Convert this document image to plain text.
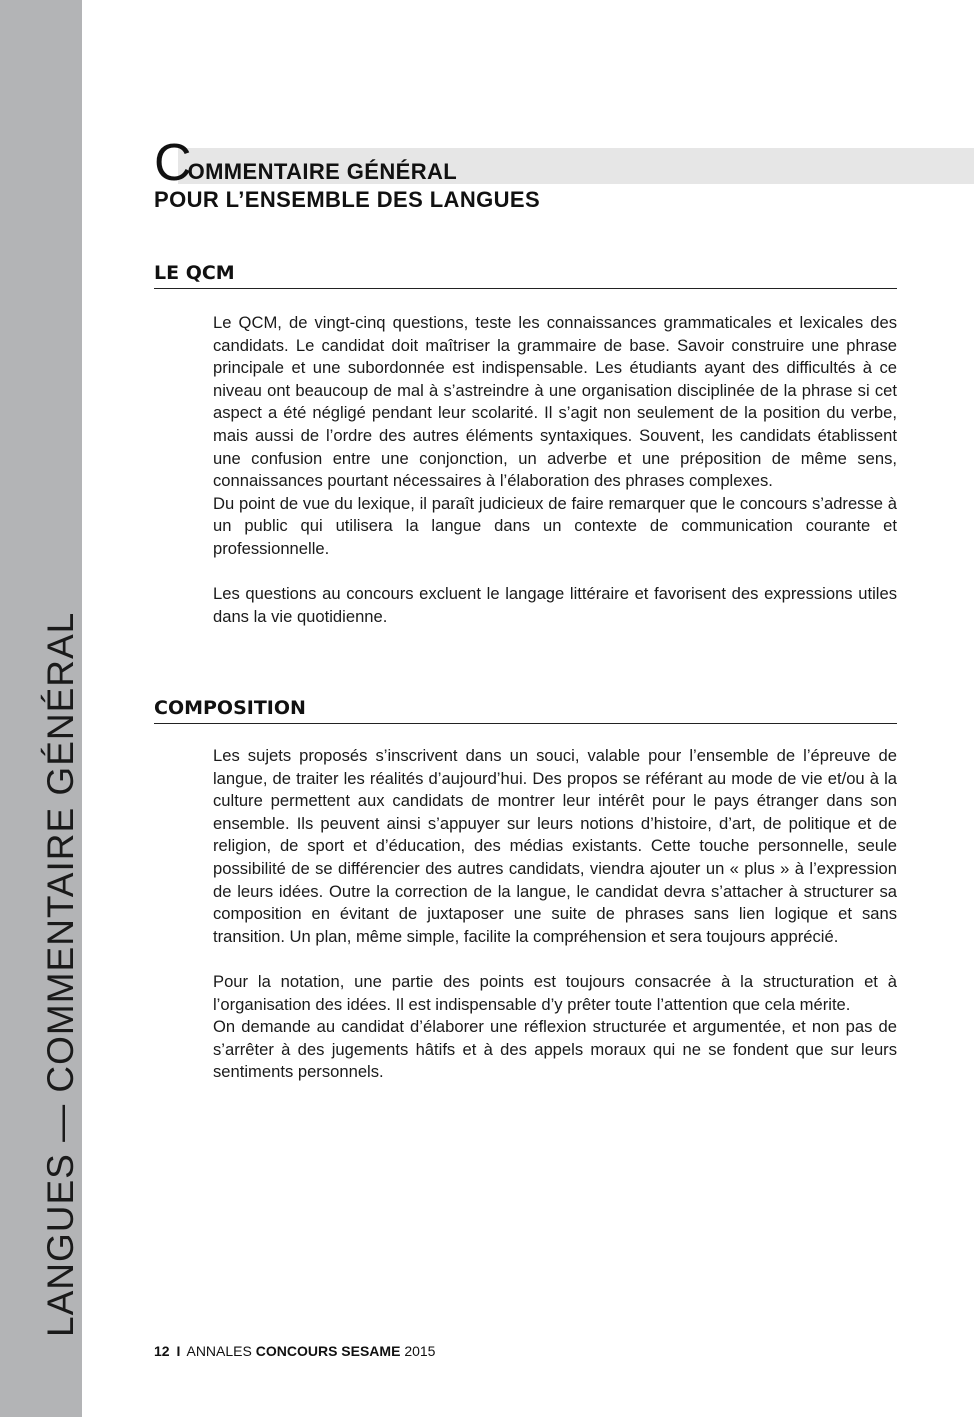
LANGUES — COMMENTAIRE GÉNÉRAL
C OMMENTAIRE GÉNÉRAL
POUR L’ENSEMBLE DES LANGUES
LE QCM

Le QCM, de vingt-cinq questions, teste les connaissances grammaticales et lexicales des candidats. Le candidat doit maîtriser la grammaire de base. Savoir construire une phrase principale et une subordonnée est indispensable. Les étudiants ayant des difficultés à ce niveau ont beaucoup de mal à s’astreindre à une organisation disciplinée de la phrase si cet aspect a été négligé pendant leur scolarité. Il s’agit non seulement de la position du verbe, mais aussi de l’ordre des autres éléments syntaxiques. Souvent, les candidats établissent une confusion entre une conjonction, un adverbe et une préposition de même sens, connaissances pourtant nécessaires à l’élaboration des phrases complexes.

Du point de vue du lexique, il paraît judicieux de faire remarquer que le concours s’adresse à un public qui utilisera la langue dans un contexte de communication courante et professionnelle.

Les questions au concours excluent le langage littéraire et favorisent des expressions utiles dans la vie quotidienne.

COMPOSITION

Les sujets proposés s’inscrivent dans un souci, valable pour l’ensemble de l’épreuve de langue, de traiter les réalités d’aujourd’hui. Des propos se référant au mode de vie et/ou à la culture permettent aux candidats de montrer leur intérêt pour le pays étranger dans son ensemble. Ils peuvent ainsi s’appuyer sur leurs notions d’histoire, d’art, de politique et de religion, de sport et d’éducation, des médias existants. Cette touche personnelle, seule possibilité de se différencier des autres candidats, viendra ajouter un « plus » à l’expression de leurs idées. Outre la correction de la langue, le candidat devra s’attacher à structurer sa composition en évitant de juxtaposer une suite de phrases sans lien logique et sans transition. Un plan, même simple, facilite la compréhension et sera toujours apprécié.

Pour la notation, une partie des points est toujours consacrée à la structuration et à l’organisation des idées. Il est indispensable d’y prêter toute l’attention que cela mérite.

On demande au candidat d’élaborer une réflexion structurée et argumentée, et non pas de s’arrêter à des jugements hâtifs et à des appels moraux qui ne se fondent que sur leurs sentiments personnels.

12 I ANNALES CONCOURS SESAME 2015
